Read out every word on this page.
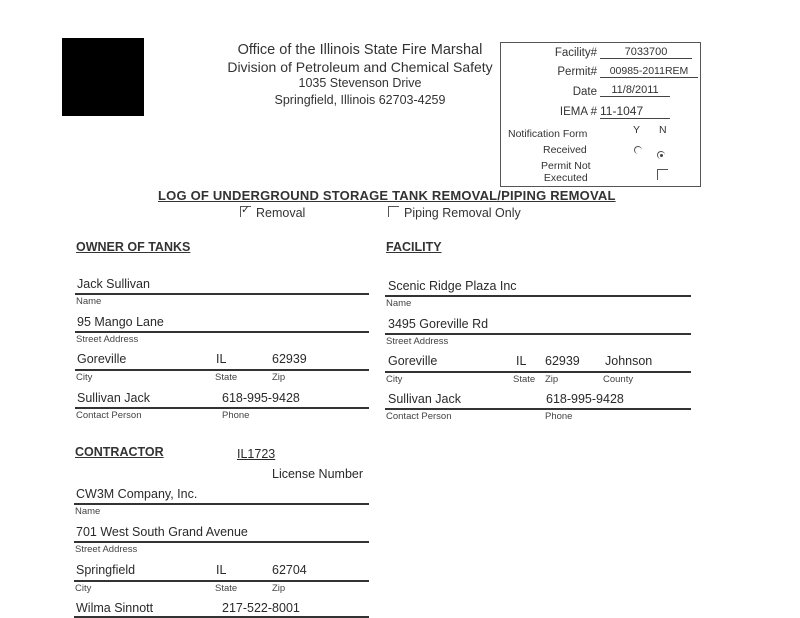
Office of the Illinois State Fire Marshal
Division of Petroleum and Chemical Safety
1035 Stevenson Drive
Springfield, Illinois 62703-4259
Facility#	7033700
Permit#	00985-2011REM
Date	11/8/2011
IEMA # 11-1047
Notification Form	Y N
Received

Permit Not
Executed
LOG OF UNDERGROUND STORAGE TANK REMOVAL/PIPING REMOVAL
✓Removal	Piping Removal Only
OWNER OF TANKS
Jack Sullivan
Name
95 Mango Lane
Street Address
Goreville	IL	62939
City	State	Zip
Sullivan Jack	618-995-9428
Contact Person	Phone
FACILITY
Scenic Ridge Plaza Inc
Name
3495 Goreville Rd
Street Address
Goreville	IL 62939 Johnson
City	State Zip	County
Sullivan Jack	618-995-9428
Contact Person	Phone
CONTRACTOR	IL1723
License Number
CW3M Company, Inc.
Name
701 West South Grand Avenue
Street Address
Springfield	IL	62704
City	State	Zip
Wilma Sinnott	217-522-8001
